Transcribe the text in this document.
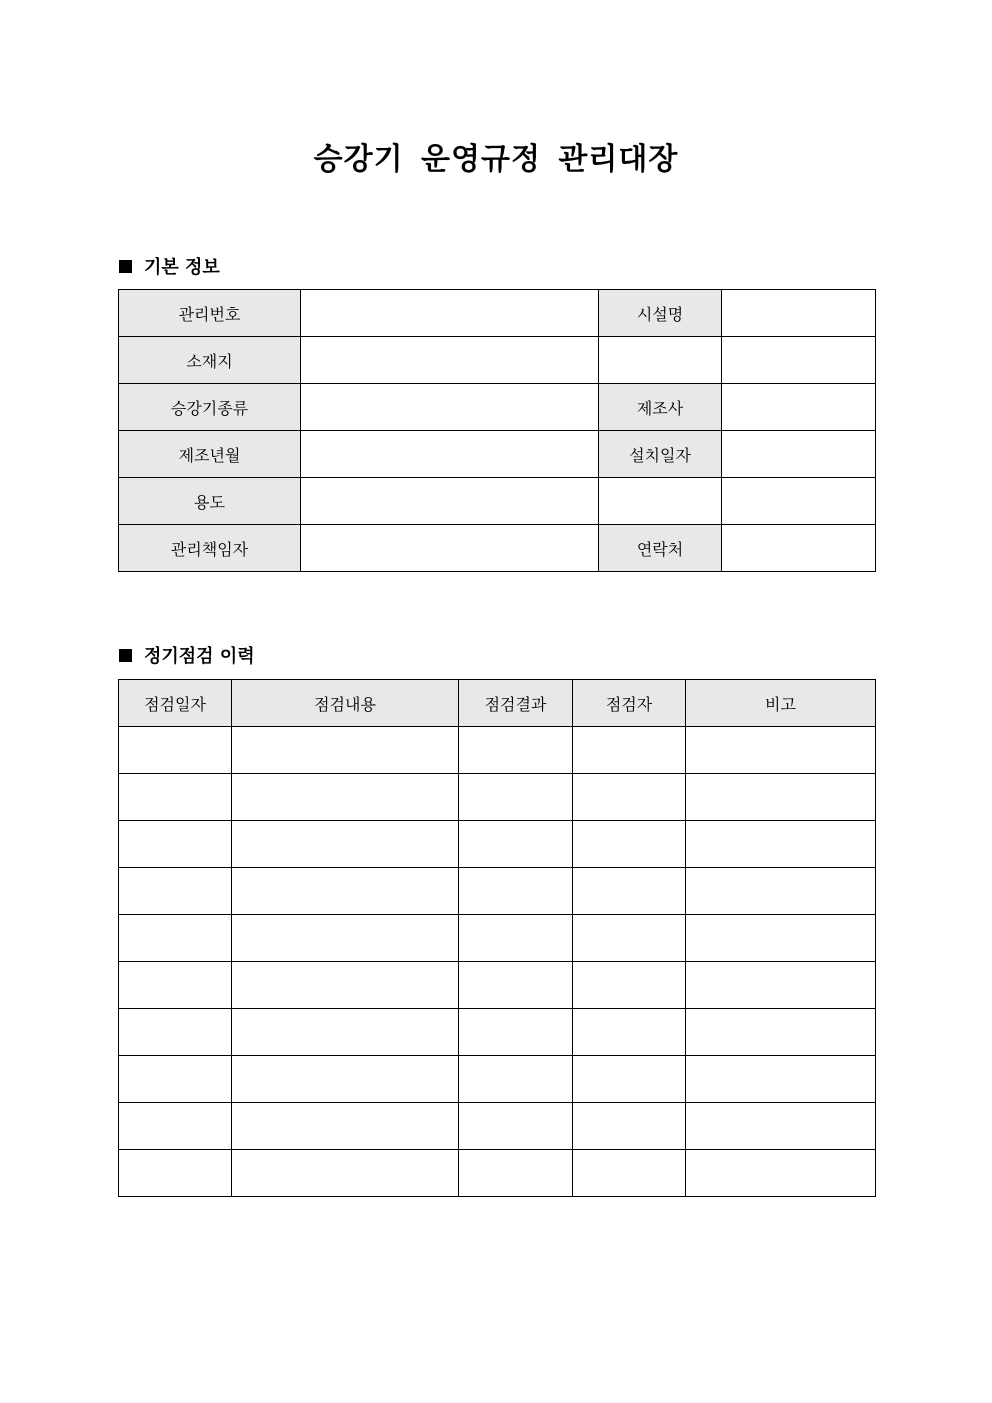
승강기 운영규정 관리대장
기본 정보
관리번호		시설명	
소재지			
승강기종류		제조사	
제조년월		설치일자	
용도			
관리책임자		연락처	
정기점검 이력
점검일자	점검내용	점검결과	점검자	비고
